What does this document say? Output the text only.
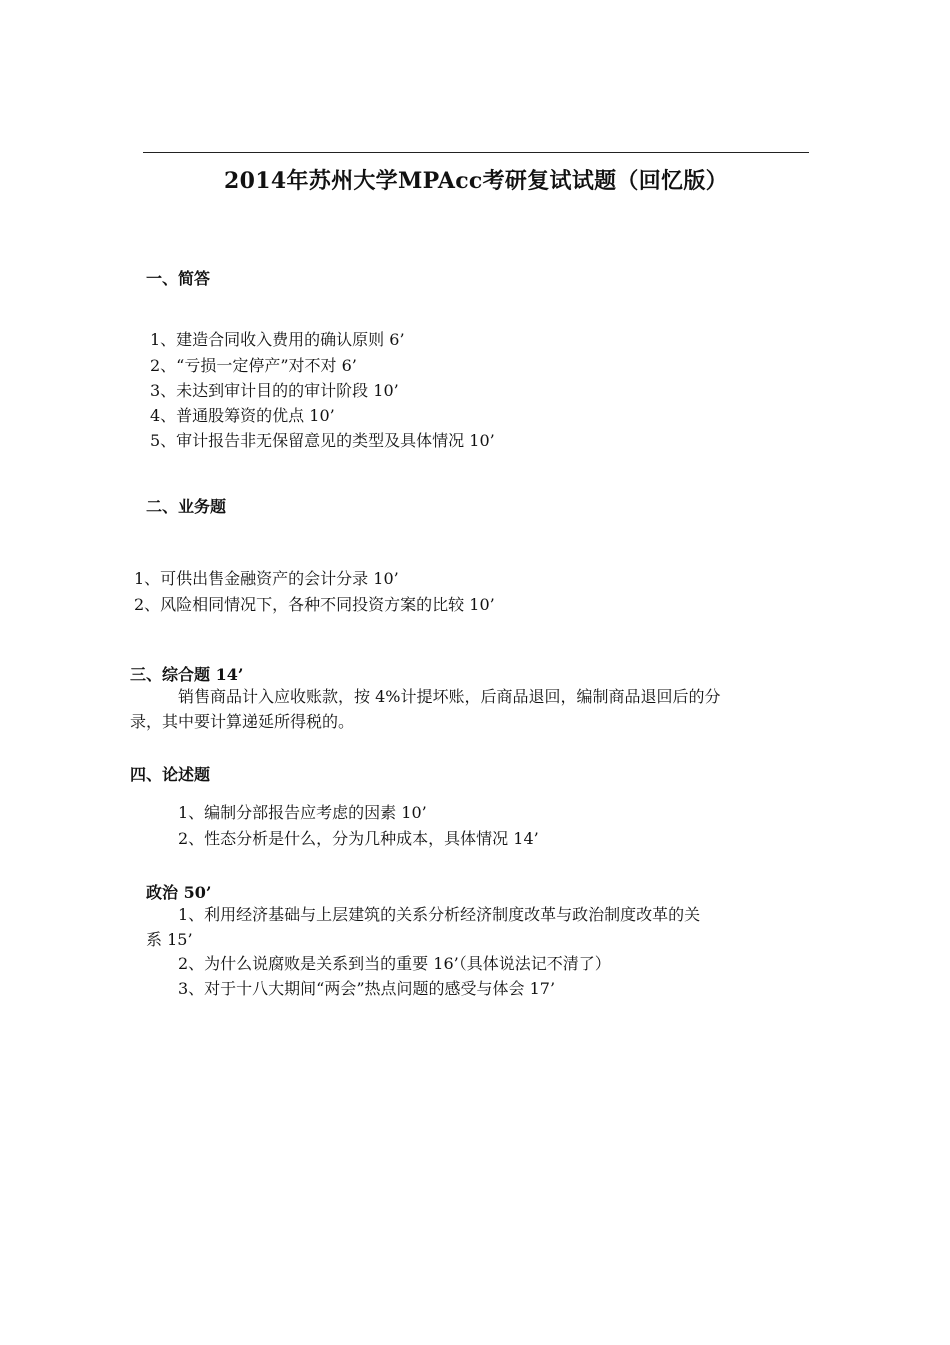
2014年苏州大学MPAcc考研复试试题（回忆版）
一、简答
1、建造合同收入费用的确认原则 6’
2、“亏损一定停产”对不对 6’
3、未达到审计目的的审计阶段 10’
4、普通股筹资的优点 10’
5、审计报告非无保留意见的类型及具体情况 10’
二、业务题
1、可供出售金融资产的会计分录 10’
2、风险相同情况下，各种不同投资方案的比较 10’
三、综合题 14’
销售商品计入应收账款，按 4%计提坏账，后商品退回，编制商品退回后的分
录，其中要计算递延所得税的。
四、论述题
1、编制分部报告应考虑的因素 10’
2、性态分析是什么，分为几种成本，具体情况 14’
政治 50’
1、利用经济基础与上层建筑的关系分析经济制度改革与政治制度改革的关
系 15’
2、为什么说腐败是关系到当的重要 16’（具体说法记不清了）
3、对于十八大期间“两会”热点问题的感受与体会 17’
